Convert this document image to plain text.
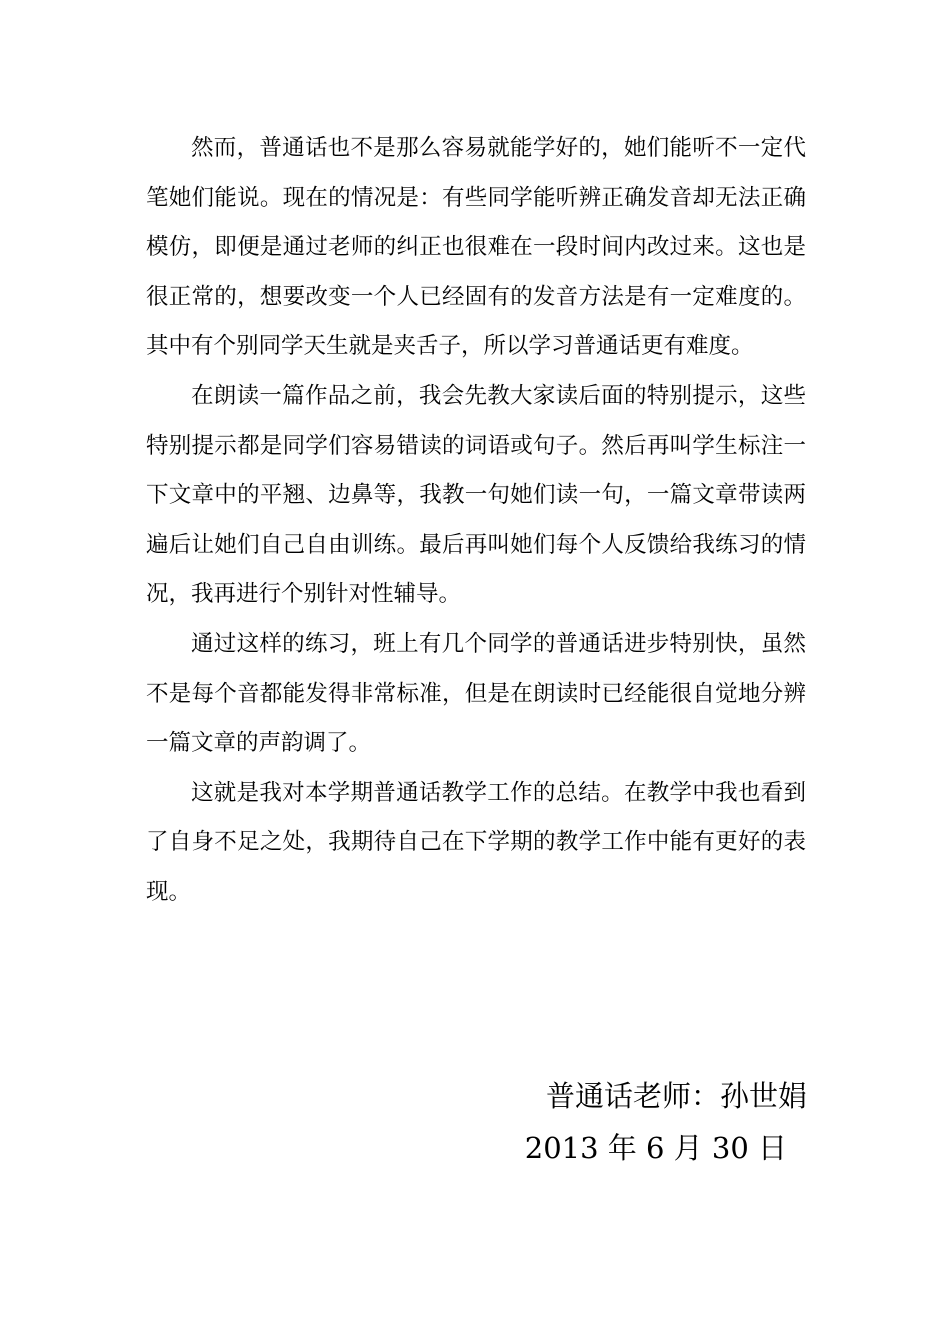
然而，普通话也不是那么容易就能学好的，她们能听不一定代笔她们能说。现在的情况是：有些同学能听辨正确发音却无法正确模仿，即便是通过老师的纠正也很难在一段时间内改过来。这也是很正常的，想要改变一个人已经固有的发音方法是有一定难度的。其中有个别同学天生就是夹舌子，所以学习普通话更有难度。

在朗读一篇作品之前，我会先教大家读后面的特别提示，这些特别提示都是同学们容易错读的词语或句子。然后再叫学生标注一下文章中的平翘、边鼻等，我教一句她们读一句，一篇文章带读两遍后让她们自己自由训练。最后再叫她们每个人反馈给我练习的情况，我再进行个别针对性辅导。

通过这样的练习，班上有几个同学的普通话进步特别快，虽然不是每个音都能发得非常标准，但是在朗读时已经能很自觉地分辨一篇文章的声韵调了。

这就是我对本学期普通话教学工作的总结。在教学中我也看到了自身不足之处，我期待自己在下学期的教学工作中能有更好的表现。

普通话老师：孙世娟
2013 年 6 月 30 日
